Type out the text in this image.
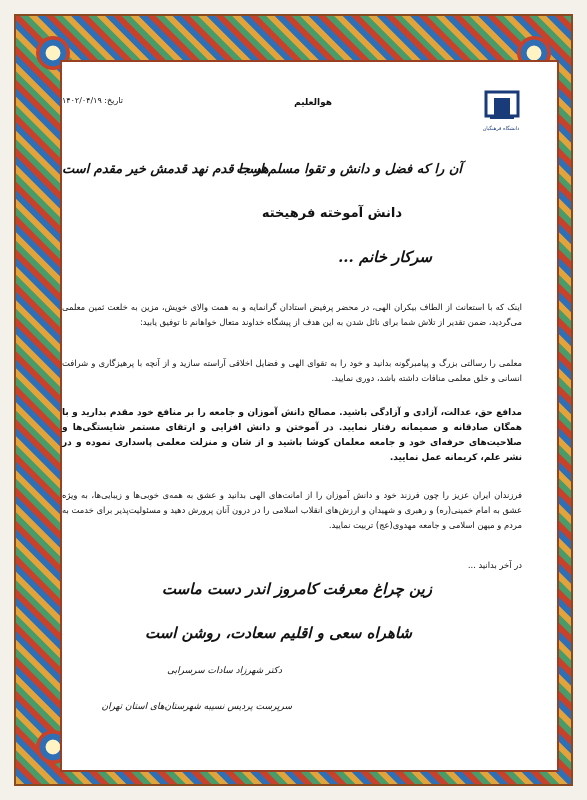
دانشگاه فرهنگیان
هوالعلیم
تاریخ: ۱۴۰۲/۰۴/۱۹
آن را که فضل و دانش و تقوا مسلم است
هر جا قدم نهد قدمش خیر مقدم است
دانش آموخته فرهیخته
سرکار خانم ...
اینک که با استعانت از الطاف بیکران الهی، در محضر پرفیض استادان گرانمایه و به همت والای خویش، مزین به خلعت ثمین معلمی می‌گردید، ضمن تقدیر از تلاش شما برای نائل شدن به این هدف از پیشگاه خداوند متعال خواهانم تا توفیق یابید:
معلمی را رسالتی بزرگ و پیامبرگونه بدانید و خود را به تقوای الهی و فضایل اخلاقی آراسته سازید و از آنچه با پرهیزگاری و شرافت انسانی و خلق معلمی منافات داشته باشد، دوری نمایید.
مدافع حق، عدالت، آزادی و آزادگی باشید. مصالح دانش آموزان و جامعه را بر منافع خود مقدم بدارید و با همگان صادقانه و صمیمانه رفتار نمایید. در آموختن و دانش افزایی و ارتقای مستمر شایستگی‌ها و صلاحیت‌های حرفه‌ای خود و جامعه معلمان کوشا باشید و از شان و منزلت معلمی پاسداری نموده و در نشر علم، کریمانه عمل نمایید.
فرزندان ایران عزیز را چون فرزند خود و دانش آموزان را از امانت‌های الهی بدانید و عشق به همه‌ی خوبی‌ها و زیبایی‌ها، به ویژه عشق به امام خمینی(ره) و رهبری و شهیدان و ارزش‌های انقلاب اسلامی را در درون آنان پرورش دهید و مسئولیت‌پذیر برای خدمت به مردم و میهن اسلامی و جامعه مهدوی(عج) تربیت نمایید.
در آخر بدانید ...
زین چراغ معرفت کامروز اندر دست ماست
شاهراه سعی و اقلیم سعادت، روشن است
دکتر شهرزاد سادات سرسرابی
سرپرست پردیس نسیبه شهرستان‌های استان تهران
